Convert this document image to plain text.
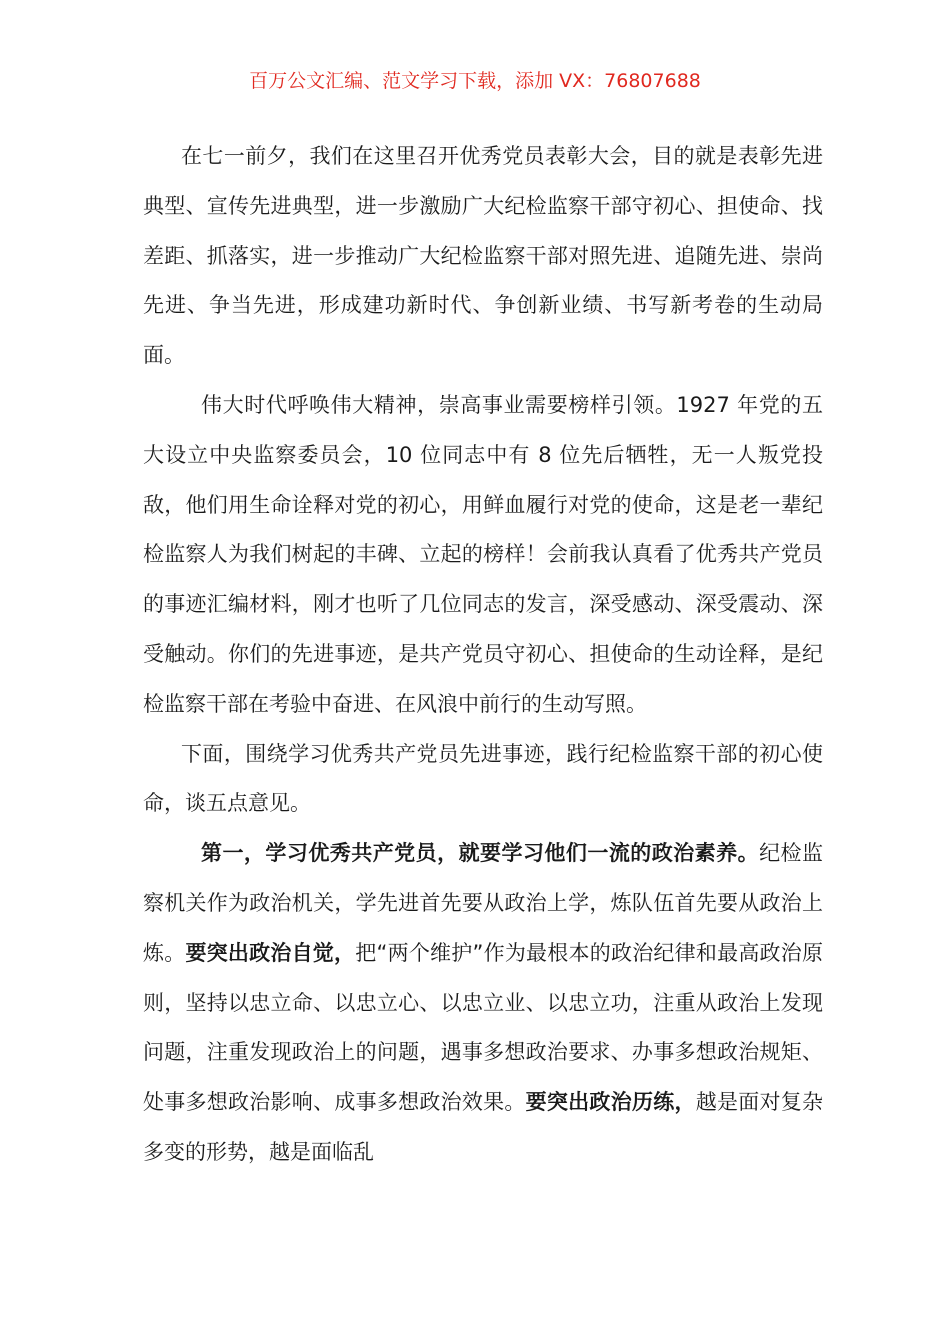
百万公文汇编、范文学习下载，添加 VX：76807688

在七一前夕，我们在这里召开优秀党员表彰大会，目的就是表彰先进典型、宣传先进典型，进一步激励广大纪检监察干部守初心、担使命、找差距、抓落实，进一步推动广大纪检监察干部对照先进、追随先进、崇尚先进、争当先进，形成建功新时代、争创新业绩、书写新考卷的生动局面。

伟大时代呼唤伟大精神，崇高事业需要榜样引领。1927 年党的五大设立中央监察委员会，10 位同志中有 8 位先后牺牲，无一人叛党投敌，他们用生命诠释对党的初心，用鲜血履行对党的使命，这是老一辈纪检监察人为我们树起的丰碑、立起的榜样！会前我认真看了优秀共产党员的事迹汇编材料，刚才也听了几位同志的发言，深受感动、深受震动、深受触动。你们的先进事迹，是共产党员守初心、担使命的生动诠释，是纪检监察干部在考验中奋进、在风浪中前行的生动写照。

下面，围绕学习优秀共产党员先进事迹，践行纪检监察干部的初心使命，谈五点意见。

第一，学习优秀共产党员，就要学习他们一流的政治素养。纪检监察机关作为政治机关，学先进首先要从政治上学，炼队伍首先要从政治上炼。要突出政治自觉，把“两个维护”作为最根本的政治纪律和最高政治原则，坚持以忠立命、以忠立心、以忠立业、以忠立功，注重从政治上发现问题，注重发现政治上的问题，遇事多想政治要求、办事多想政治规矩、处事多想政治影响、成事多想政治效果。要突出政治历练，越是面对复杂多变的形势，越是面临乱
